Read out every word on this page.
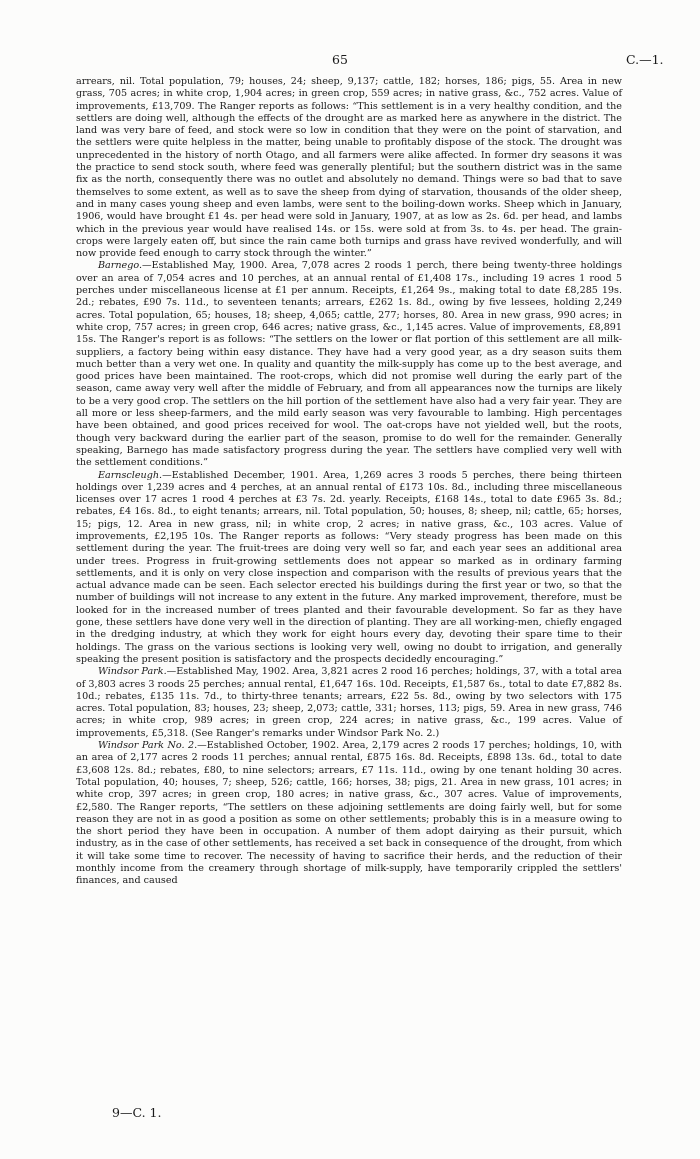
65	C.—1.

arrears, nil. Total population, 79; houses, 24; sheep, 9,137; cattle, 182; horses, 186; pigs, 55. Area in new grass, 705 acres; in white crop, 1,904 acres; in green crop, 559 acres; in native grass, &c., 752 acres. Value of improvements, £13,709. The Ranger reports as follows: “This settlement is in a very healthy condition, and the settlers are doing well, although the effects of the drought are as marked here as anywhere in the district. The land was very bare of feed, and stock were so low in condition that they were on the point of starvation, and the settlers were quite helpless in the matter, being unable to profitably dispose of the stock. The drought was unprecedented in the history of north Otago, and all farmers were alike affected. In former dry seasons it was the practice to send stock south, where feed was generally plentiful; but the southern district was in the same fix as the north, consequently there was no outlet and absolutely no demand. Things were so bad that to save themselves to some extent, as well as to save the sheep from dying of starvation, thousands of the older sheep, and in many cases young sheep and even lambs, were sent to the boiling-down works. Sheep which in January, 1906, would have brought £1 4s. per head were sold in January, 1907, at as low as 2s. 6d. per head, and lambs which in the previous year would have realised 14s. or 15s. were sold at from 3s. to 4s. per head. The grain-crops were largely eaten off, but since the rain came both turnips and grass have revived wonderfully, and will now provide feed enough to carry stock through the winter.”

Barnego.—Established May, 1900. Area, 7,078 acres 2 roods 1 perch, there being twenty-three holdings over an area of 7,054 acres and 10 perches, at an annual rental of £1,408 17s., including 19 acres 1 rood 5 perches under miscellaneous license at £1 per annum. Receipts, £1,264 9s., making total to date £8,285 19s. 2d.; rebates, £90 7s. 11d., to seventeen tenants; arrears, £262 1s. 8d., owing by five lessees, holding 2,249 acres. Total population, 65; houses, 18; sheep, 4,065; cattle, 277; horses, 80. Area in new grass, 990 acres; in white crop, 757 acres; in green crop, 646 acres; native grass, &c., 1,145 acres. Value of improvements, £8,891 15s. The Ranger's report is as follows: “The settlers on the lower or flat portion of this settlement are all milk-suppliers, a factory being within easy distance. They have had a very good year, as a dry season suits them much better than a very wet one. In quality and quantity the milk-supply has come up to the best average, and good prices have been maintained. The root-crops, which did not promise well during the early part of the season, came away very well after the middle of February, and from all appearances now the turnips are likely to be a very good crop. The settlers on the hill portion of the settlement have also had a very fair year. They are all more or less sheep-farmers, and the mild early season was very favourable to lambing. High percentages have been obtained, and good prices received for wool. The oat-crops have not yielded well, but the roots, though very backward during the earlier part of the season, promise to do well for the remainder. Generally speaking, Barnego has made satisfactory progress during the year. The settlers have complied very well with the settlement conditions.”

Earnscleugh.—Established December, 1901. Area, 1,269 acres 3 roods 5 perches, there being thirteen holdings over 1,239 acres and 4 perches, at an annual rental of £173 10s. 8d., including three miscellaneous licenses over 17 acres 1 rood 4 perches at £3 7s. 2d. yearly. Receipts, £168 14s., total to date £965 3s. 8d.; rebates, £4 16s. 8d., to eight tenants; arrears, nil. Total population, 50; houses, 8; sheep, nil; cattle, 65; horses, 15; pigs, 12. Area in new grass, nil; in white crop, 2 acres; in native grass, &c., 103 acres. Value of improvements, £2,195 10s. The Ranger reports as follows: “Very steady progress has been made on this settlement during the year. The fruit-trees are doing very well so far, and each year sees an additional area under trees. Progress in fruit-growing settlements does not appear so marked as in ordinary farming settlements, and it is only on very close inspection and comparison with the results of previous years that the actual advance made can be seen. Each selector erected his buildings during the first year or two, so that the number of buildings will not increase to any extent in the future. Any marked improvement, therefore, must be looked for in the increased number of trees planted and their favourable development. So far as they have gone, these settlers have done very well in the direction of planting. They are all working-men, chiefly engaged in the dredging industry, at which they work for eight hours every day, devoting their spare time to their holdings. The grass on the various sections is looking very well, owing no doubt to irrigation, and generally speaking the present position is satisfactory and the prospects decidedly encouraging.”

Windsor Park.—Established May, 1902. Area, 3,821 acres 2 rood 16 perches; holdings, 37, with a total area of 3,803 acres 3 roods 25 perches; annual rental, £1,647 16s. 10d. Receipts, £1,587 6s., total to date £7,882 8s. 10d.; rebates, £135 11s. 7d., to thirty-three tenants; arrears, £22 5s. 8d., owing by two selectors with 175 acres. Total population, 83; houses, 23; sheep, 2,073; cattle, 331; horses, 113; pigs, 59. Area in new grass, 746 acres; in white crop, 989 acres; in green crop, 224 acres; in native grass, &c., 199 acres. Value of improvements, £5,318. (See Ranger's remarks under Windsor Park No. 2.)

Windsor Park No. 2.—Established October, 1902. Area, 2,179 acres 2 roods 17 perches; holdings, 10, with an area of 2,177 acres 2 roods 11 perches; annual rental, £875 16s. 8d. Receipts, £898 13s. 6d., total to date £3,608 12s. 8d.; rebates, £80, to nine selectors; arrears, £7 11s. 11d., owing by one tenant holding 30 acres. Total population, 40; houses, 7; sheep, 526; cattle, 166; horses, 38; pigs, 21. Area in new grass, 101 acres; in white crop, 397 acres; in green crop, 180 acres; in native grass, &c., 307 acres. Value of improvements, £2,580. The Ranger reports, “The settlers on these adjoining settlements are doing fairly well, but for some reason they are not in as good a position as some on other settlements; probably this is in a measure owing to the short period they have been in occupation. A number of them adopt dairying as their pursuit, which industry, as in the case of other settlements, has received a set back in consequence of the drought, from which it will take some time to recover. The necessity of having to sacrifice their herds, and the reduction of their monthly income from the creamery through shortage of milk-supply, have temporarily crippled the settlers' finances, and caused

9—C. 1.
